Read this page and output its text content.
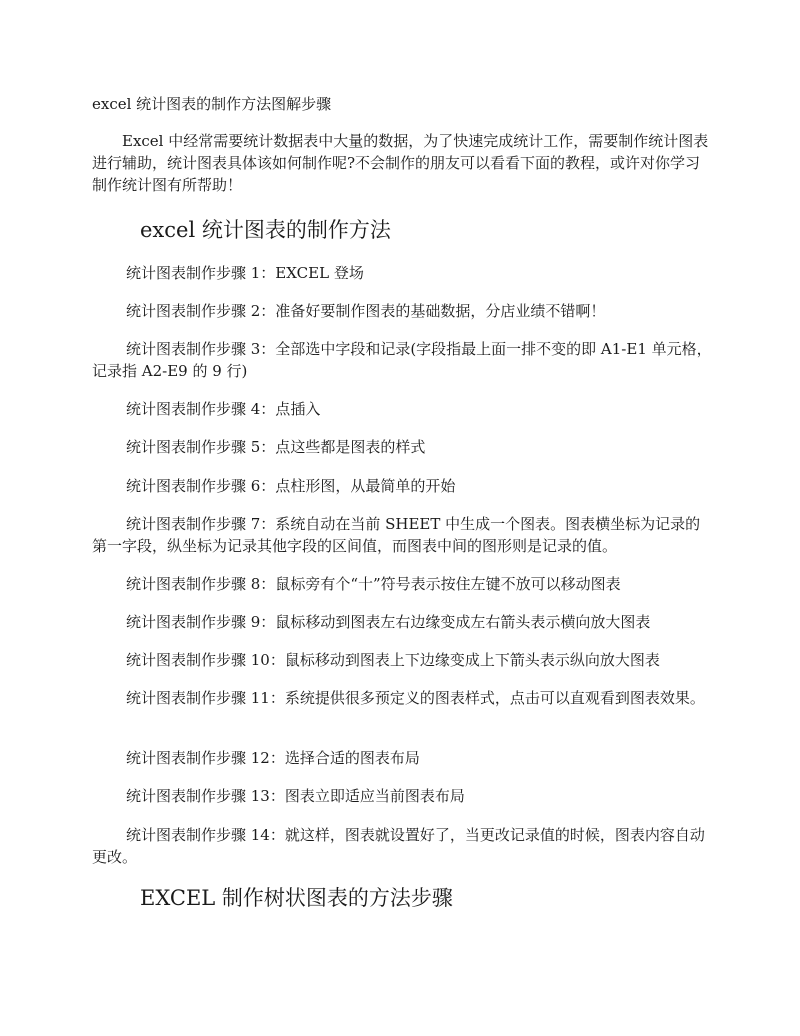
excel 统计图表的制作方法图解步骤

Excel 中经常需要统计数据表中大量的数据，为了快速完成统计工作，需要制作统计图表进行辅助，统计图表具体该如何制作呢?不会制作的朋友可以看看下面的教程，或许对你学习制作统计图有所帮助！

excel 统计图表的制作方法
统计图表制作步骤 1：EXCEL 登场
统计图表制作步骤 2：准备好要制作图表的基础数据，分店业绩不错啊！
统计图表制作步骤 3：全部选中字段和记录(字段指最上面一排不变的即 A1-E1 单元格，记录指 A2-E9 的 9 行)
统计图表制作步骤 4：点插入
统计图表制作步骤 5：点这些都是图表的样式
统计图表制作步骤 6：点柱形图，从最简单的开始
统计图表制作步骤 7：系统自动在当前 SHEET 中生成一个图表。图表横坐标为记录的第一字段，纵坐标为记录其他字段的区间值，而图表中间的图形则是记录的值。
统计图表制作步骤 8：鼠标旁有个“十”符号表示按住左键不放可以移动图表
统计图表制作步骤 9：鼠标移动到图表左右边缘变成左右箭头表示横向放大图表
统计图表制作步骤 10：鼠标移动到图表上下边缘变成上下箭头表示纵向放大图表
统计图表制作步骤 11：系统提供很多预定义的图表样式，点击可以直观看到图表效果。
统计图表制作步骤 12：选择合适的图表布局
统计图表制作步骤 13：图表立即适应当前图表布局
统计图表制作步骤 14：就这样，图表就设置好了，当更改记录值的时候，图表内容自动更改。
EXCEL 制作树状图表的方法步骤
